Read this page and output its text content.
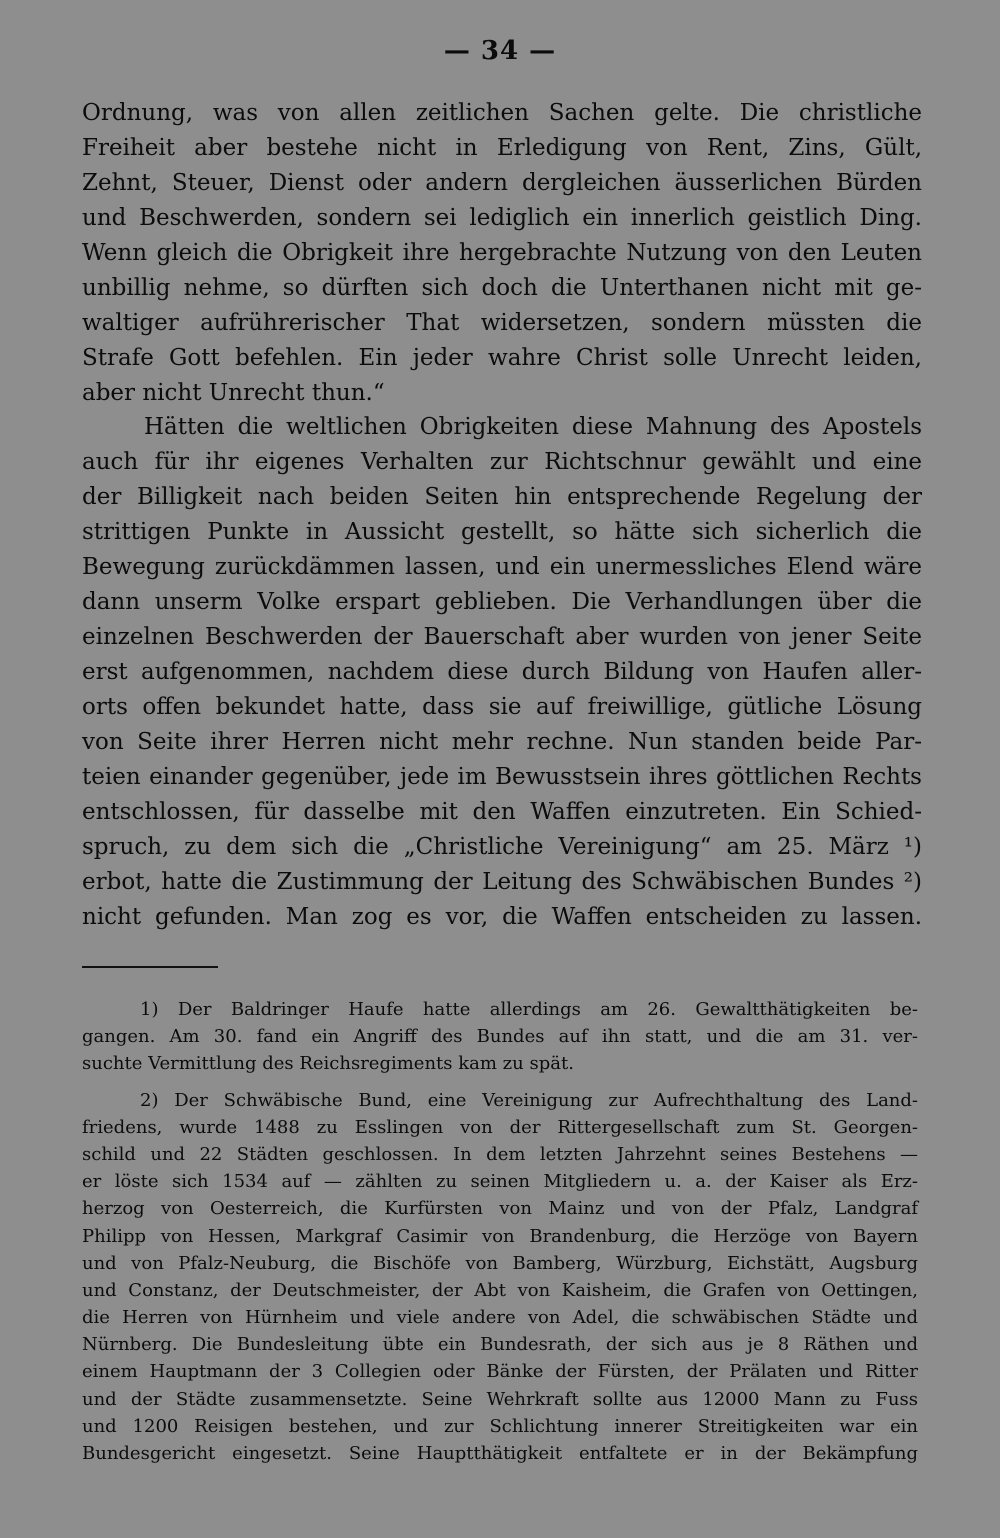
— 34 —
Ordnung, was von allen zeitlichen Sachen gelte. Die christliche
Freiheit aber bestehe nicht in Erledigung von Rent, Zins, Gült,
Zehnt, Steuer, Dienst oder andern dergleichen äusserlichen Bürden
und Beschwerden, sondern sei lediglich ein innerlich geistlich Ding.
Wenn gleich die Obrigkeit ihre hergebrachte Nutzung von den Leuten
unbillig nehme, so dürften sich doch die Unterthanen nicht mit ge-
waltiger aufrührerischer That widersetzen, sondern müssten die
Strafe Gott befehlen. Ein jeder wahre Christ solle Unrecht leiden,
aber nicht Unrecht thun.“
Hätten die weltlichen Obrigkeiten diese Mahnung des Apostels
auch für ihr eigenes Verhalten zur Richtschnur gewählt und eine
der Billigkeit nach beiden Seiten hin entsprechende Regelung der
strittigen Punkte in Aussicht gestellt, so hätte sich sicherlich die
Bewegung zurückdämmen lassen, und ein unermessliches Elend wäre
dann unserm Volke erspart geblieben. Die Verhandlungen über die
einzelnen Beschwerden der Bauerschaft aber wurden von jener Seite
erst aufgenommen, nachdem diese durch Bildung von Haufen aller-
orts offen bekundet hatte, dass sie auf freiwillige, gütliche Lösung
von Seite ihrer Herren nicht mehr rechne. Nun standen beide Par-
teien einander gegenüber, jede im Bewusstsein ihres göttlichen Rechts
entschlossen, für dasselbe mit den Waffen einzutreten. Ein Schied-
spruch, zu dem sich die „Christliche Vereinigung“ am 25. März ¹)
erbot, hatte die Zustimmung der Leitung des Schwäbischen Bundes ²)
nicht gefunden. Man zog es vor, die Waffen entscheiden zu lassen.
1) Der Baldringer Haufe hatte allerdings am 26. Gewaltthätigkeiten be-
gangen. Am 30. fand ein Angriff des Bundes auf ihn statt, und die am 31. ver-
suchte Vermittlung des Reichsregiments kam zu spät.
2) Der Schwäbische Bund, eine Vereinigung zur Aufrechthaltung des Land-
friedens, wurde 1488 zu Esslingen von der Rittergesellschaft zum St. Georgen-
schild und 22 Städten geschlossen. In dem letzten Jahrzehnt seines Bestehens —
er löste sich 1534 auf — zählten zu seinen Mitgliedern u. a. der Kaiser als Erz-
herzog von Oesterreich, die Kurfürsten von Mainz und von der Pfalz, Landgraf
Philipp von Hessen, Markgraf Casimir von Brandenburg, die Herzöge von Bayern
und von Pfalz-Neuburg, die Bischöfe von Bamberg, Würzburg, Eichstätt, Augsburg
und Constanz, der Deutschmeister, der Abt von Kaisheim, die Grafen von Oettingen,
die Herren von Hürnheim und viele andere von Adel, die schwäbischen Städte und
Nürnberg. Die Bundesleitung übte ein Bundesrath, der sich aus je 8 Räthen und
einem Hauptmann der 3 Collegien oder Bänke der Fürsten, der Prälaten und Ritter
und der Städte zusammensetzte. Seine Wehrkraft sollte aus 12000 Mann zu Fuss
und 1200 Reisigen bestehen, und zur Schlichtung innerer Streitigkeiten war ein
Bundesgericht eingesetzt. Seine Hauptthätigkeit entfaltete er in der Bekämpfung
